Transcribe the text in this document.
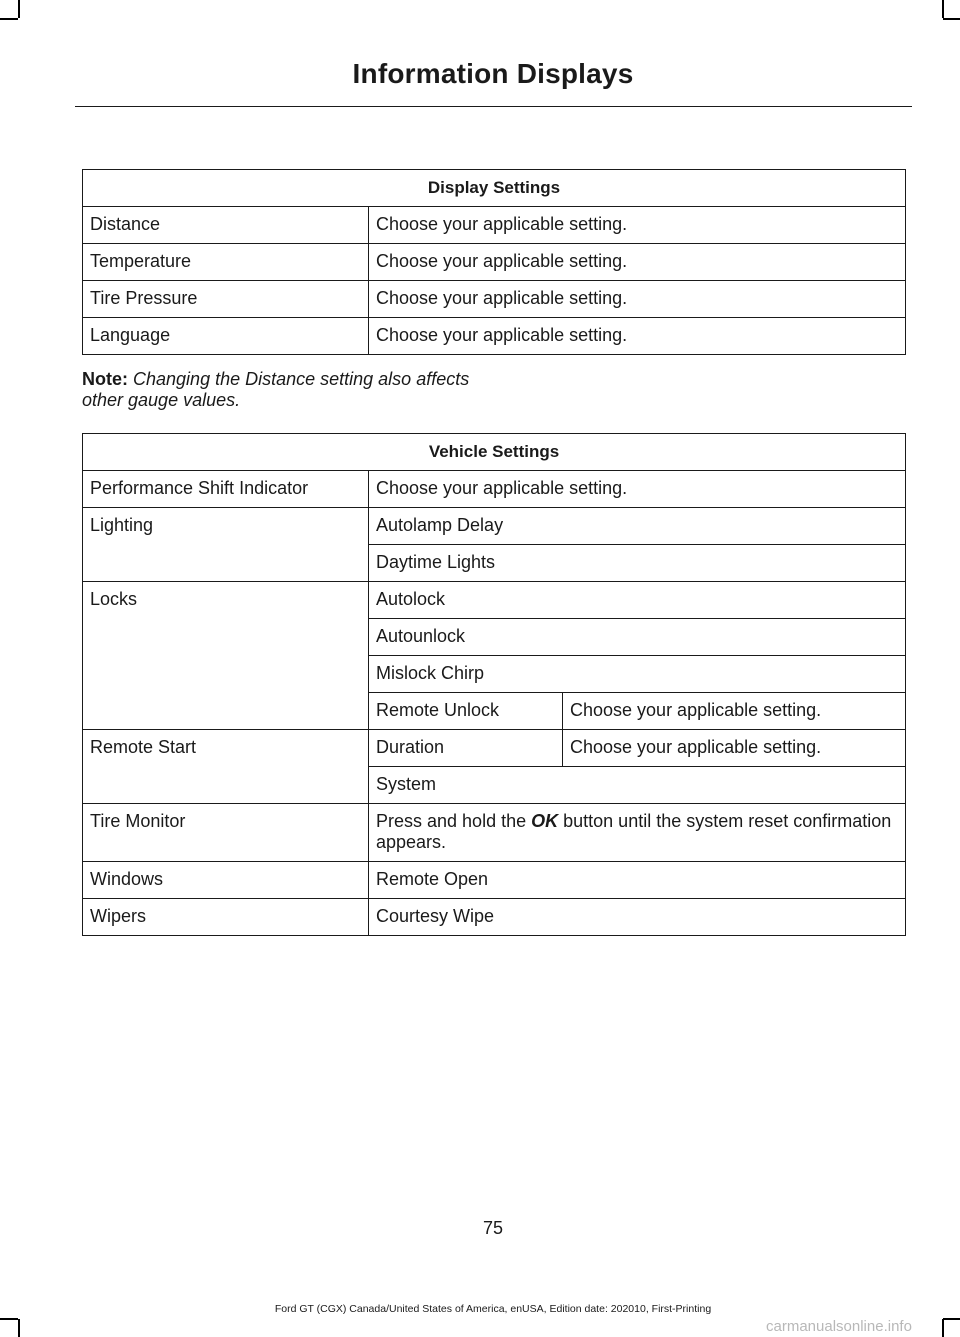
Information Displays
Display Settings	
Distance	Choose your applicable setting.
Temperature	Choose your applicable setting.
Tire Pressure	Choose your applicable setting.
Language	Choose your applicable setting.
Note: Changing the Distance setting also affects other gauge values.
Vehicle Settings		
Performance Shift Indicator	Choose your applicable setting.	
Lighting	Autolamp Delay	
	Daytime Lights	
Locks	Autolock	
	Autounlock	
	Mislock Chirp	
	Remote Unlock	Choose your applicable setting.
Remote Start	Duration	Choose your applicable setting.
	System	
Tire Monitor	Press and hold the OK button until the system reset confirmation appears.	
Windows	Remote Open	
Wipers	Courtesy Wipe	
75
Ford GT (CGX) Canada/United States of America, enUSA, Edition date: 202010, First-Printing
carmanualsonline.info
